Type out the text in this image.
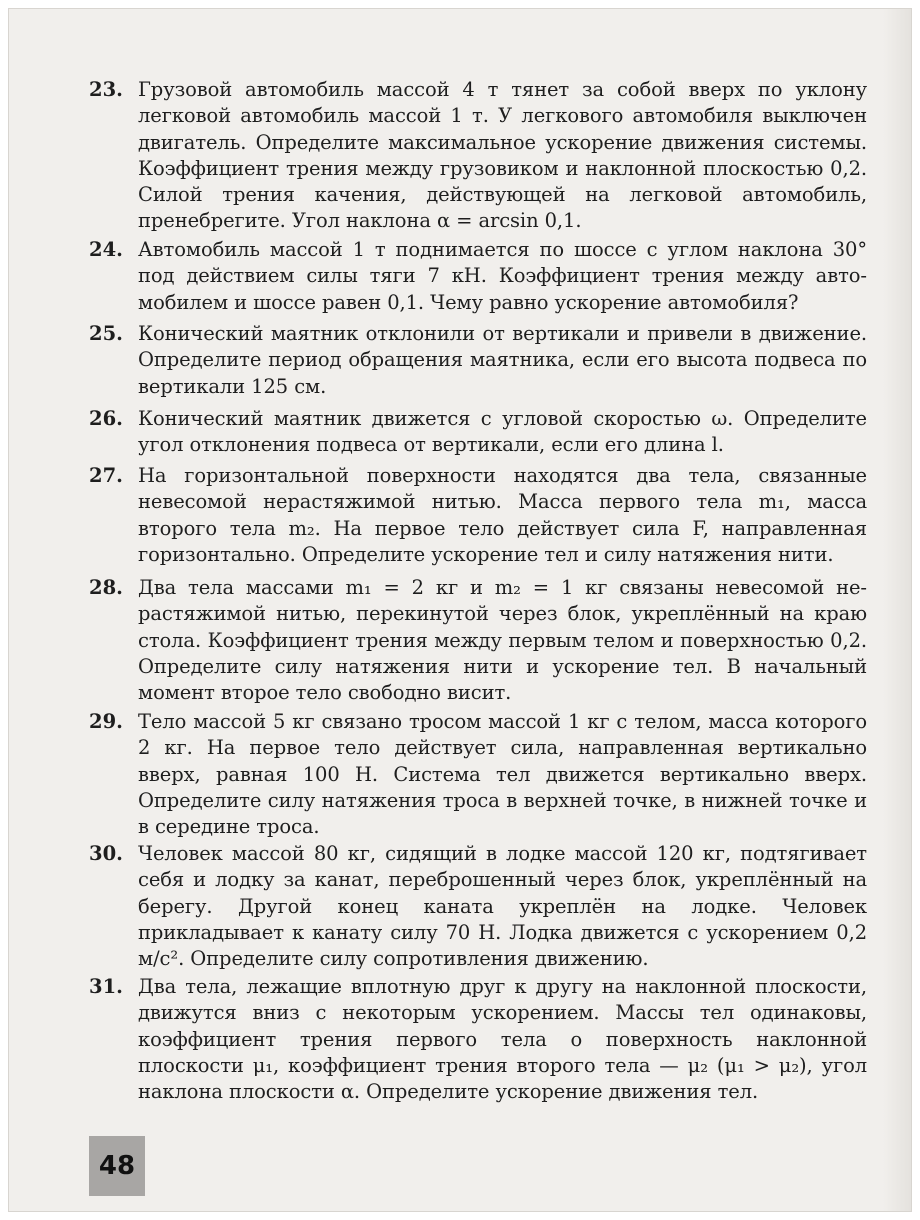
23. Грузовой автомобиль массой 4 т тянет за собой вверх по уклону легковой автомобиль массой 1 т. У легкового автомобиля выключен двигатель. Определите максимальное ускорение движения системы. Коэффициент трения между грузовиком и наклонной плоскостью 0,2. Силой трения качения, действующей на легковой автомобиль, пренебрегите. Угол наклона α = arcsin 0,1.
24. Автомобиль массой 1 т поднимается по шоссе с углом наклона 30° под действием силы тяги 7 кН. Коэффициент трения между автомобилем и шоссе равен 0,1. Чему равно ускорение автомобиля?
25. Конический маятник отклонили от вертикали и привели в движение. Определите период обращения маятника, если его высота подвеса по вертикали 125 см.
26. Конический маятник движется с угловой скоростью ω. Определите угол отклонения подвеса от вертикали, если его длина l.
27. На горизонтальной поверхности находятся два тела, связанные невесомой нерастяжимой нитью. Масса первого тела m₁, масса второго тела m₂. На первое тело действует сила F, направленная горизонтально. Определите ускорение тел и силу натяжения нити.
28. Два тела массами m₁ = 2 кг и m₂ = 1 кг связаны невесомой нерастяжимой нитью, перекинутой через блок, укреплённый на краю стола. Коэффициент трения между первым телом и поверхностью 0,2. Определите силу натяжения нити и ускорение тел. В начальный момент второе тело свободно висит.
29. Тело массой 5 кг связано тросом массой 1 кг с телом, масса которого 2 кг. На первое тело действует сила, направленная вертикально вверх, равная 100 Н. Система тел движется вертикально вверх. Определите силу натяжения троса в верхней точке, в нижней точке и в середине троса.
30. Человек массой 80 кг, сидящий в лодке массой 120 кг, подтягивает себя и лодку за канат, переброшенный через блок, укреплённый на берегу. Другой конец каната укреплён на лодке. Человек прикладывает к канату силу 70 Н. Лодка движется с ускорением 0,2 м/с². Определите силу сопротивления движению.
31. Два тела, лежащие вплотную друг к другу на наклонной плоскости, движутся вниз с некоторым ускорением. Массы тел одинаковы, коэффициент трения первого тела о поверхность наклонной плоскости μ₁, коэффициент трения второго тела — μ₂ (μ₁ > μ₂), угол наклона плоскости α. Определите ускорение движения тел.
48
